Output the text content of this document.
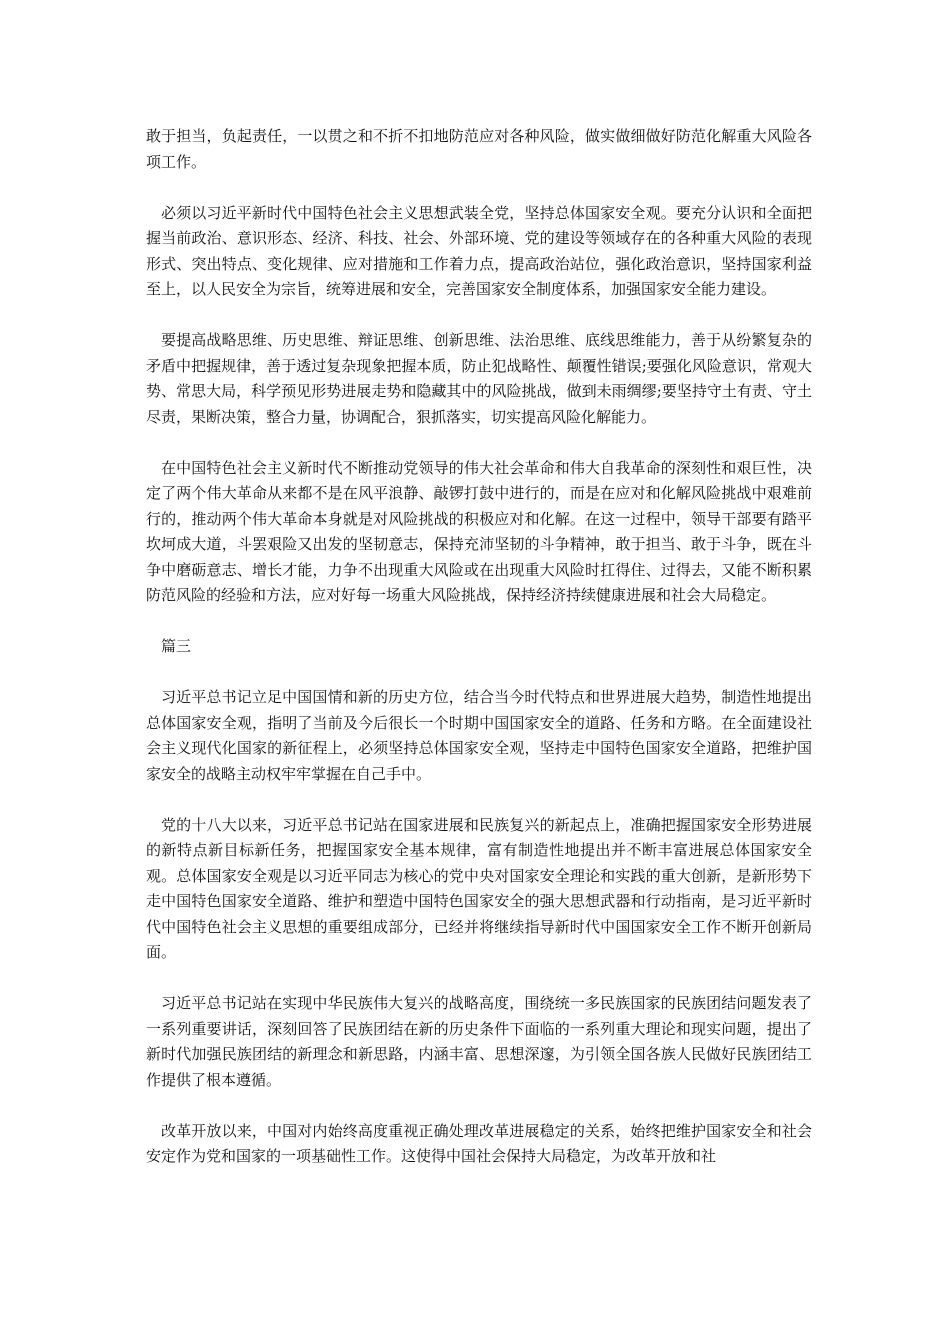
敢于担当，负起责任，一以贯之和不折不扣地防范应对各种风险，做实做细做好防范化解重大风险各项工作。

必须以习近平新时代中国特色社会主义思想武装全党，坚持总体国家安全观。要充分认识和全面把握当前政治、意识形态、经济、科技、社会、外部环境、党的建设等领域存在的各种重大风险的表现形式、突出特点、变化规律、应对措施和工作着力点，提高政治站位，强化政治意识，坚持国家利益至上，以人民安全为宗旨，统筹进展和安全，完善国家安全制度体系，加强国家安全能力建设。

要提高战略思维、历史思维、辩证思维、创新思维、法治思维、底线思维能力，善于从纷繁复杂的矛盾中把握规律，善于透过复杂现象把握本质，防止犯战略性、颠覆性错误;要强化风险意识，常观大势、常思大局，科学预见形势进展走势和隐藏其中的风险挑战，做到未雨绸缪;要坚持守土有责、守土尽责，果断决策，整合力量，协调配合，狠抓落实，切实提高风险化解能力。

在中国特色社会主义新时代不断推动党领导的伟大社会革命和伟大自我革命的深刻性和艰巨性，决定了两个伟大革命从来都不是在风平浪静、敲锣打鼓中进行的，而是在应对和化解风险挑战中艰难前行的，推动两个伟大革命本身就是对风险挑战的积极应对和化解。在这一过程中，领导干部要有踏平坎坷成大道，斗罢艰险又出发的坚韧意志，保持充沛坚韧的斗争精神，敢于担当、敢于斗争，既在斗争中磨砺意志、增长才能，力争不出现重大风险或在出现重大风险时扛得住、过得去，又能不断积累防范风险的经验和方法，应对好每一场重大风险挑战，保持经济持续健康进展和社会大局稳定。

篇三

习近平总书记立足中国国情和新的历史方位，结合当今时代特点和世界进展大趋势，制造性地提出总体国家安全观，指明了当前及今后很长一个时期中国国家安全的道路、任务和方略。在全面建设社会主义现代化国家的新征程上，必须坚持总体国家安全观，坚持走中国特色国家安全道路，把维护国家安全的战略主动权牢牢掌握在自己手中。

党的十八大以来，习近平总书记站在国家进展和民族复兴的新起点上，准确把握国家安全形势进展的新特点新目标新任务，把握国家安全基本规律，富有制造性地提出并不断丰富进展总体国家安全观。总体国家安全观是以习近平同志为核心的党中央对国家安全理论和实践的重大创新，是新形势下走中国特色国家安全道路、维护和塑造中国特色国家安全的强大思想武器和行动指南，是习近平新时代中国特色社会主义思想的重要组成部分，已经并将继续指导新时代中国国家安全工作不断开创新局面。

习近平总书记站在实现中华民族伟大复兴的战略高度，围绕统一多民族国家的民族团结问题发表了一系列重要讲话，深刻回答了民族团结在新的历史条件下面临的一系列重大理论和现实问题，提出了新时代加强民族团结的新理念和新思路，内涵丰富、思想深邃，为引领全国各族人民做好民族团结工作提供了根本遵循。

改革开放以来，中国对内始终高度重视正确处理改革进展稳定的关系，始终把维护国家安全和社会安定作为党和国家的一项基础性工作。这使得中国社会保持大局稳定，为改革开放和社
